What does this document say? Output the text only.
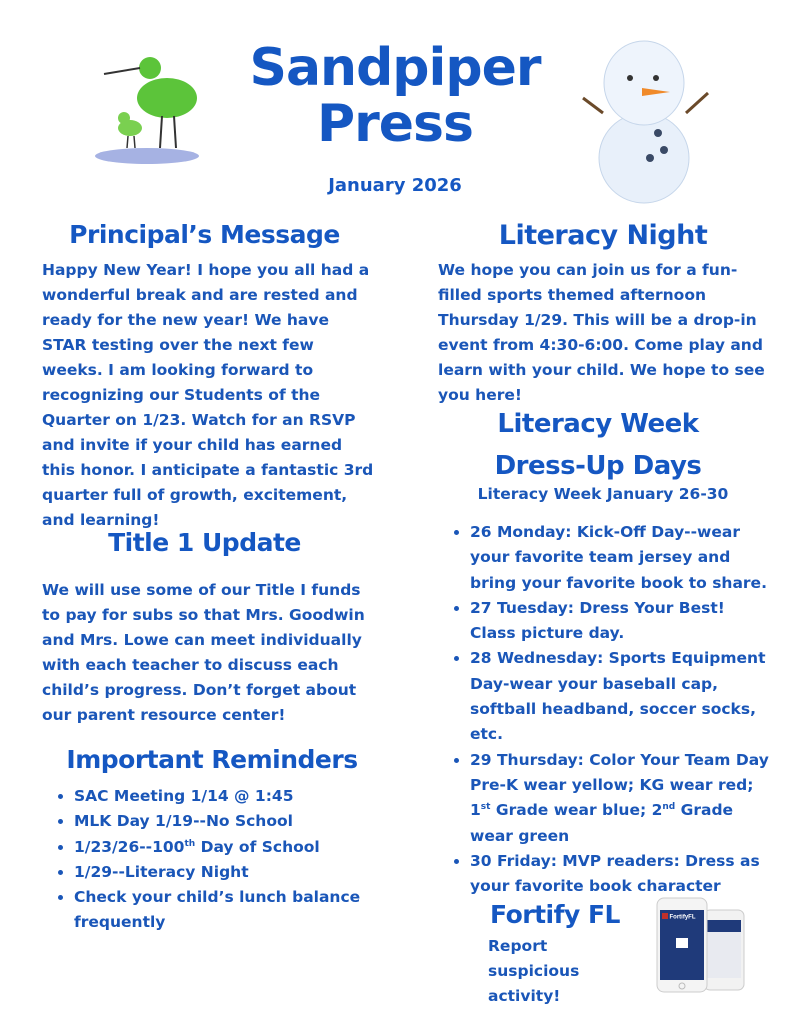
Sandpiper
Press
January 2026
Principal’s Message
Happy New Year! I hope you all had a wonderful break and are rested and ready for the new year! We have STAR testing over the next few weeks. I am looking forward to recognizing our Students of the Quarter on 1/23. Watch for an RSVP and invite if your child has earned this honor. I anticipate a fantastic 3rd quarter full of growth, excitement, and learning!
Title 1 Update
We will use some of our Title I funds to pay for subs so that Mrs. Goodwin and Mrs. Lowe can meet individually with each teacher to discuss each child’s progress. Don’t forget about our parent resource center!
Important Reminders
• SAC Meeting 1/14 @ 1:45
• MLK Day 1/19--No School
• 1/23/26--100th Day of School
• 1/29--Literacy Night
• Check your child’s lunch balance frequently
Literacy Night
We hope you can join us for a fun-filled sports themed afternoon Thursday 1/29. This will be a drop-in event from 4:30-6:00. Come play and learn with your child. We hope to see you here!
Literacy Week
Dress-Up Days
Literacy Week January 26-30
• 26 Monday: Kick-Off Day--wear your favorite team jersey and bring your favorite book to share.
• 27 Tuesday: Dress Your Best! Class picture day.
• 28 Wednesday: Sports Equipment Day-wear your baseball cap, softball headband, soccer socks, etc.
• 29 Thursday: Color Your Team Day Pre-K wear yellow; KG wear red; 1st Grade wear blue; 2nd Grade wear green
• 30 Friday: MVP readers: Dress as your favorite book character
Fortify FL
Report suspicious activity!
FortifyFL
